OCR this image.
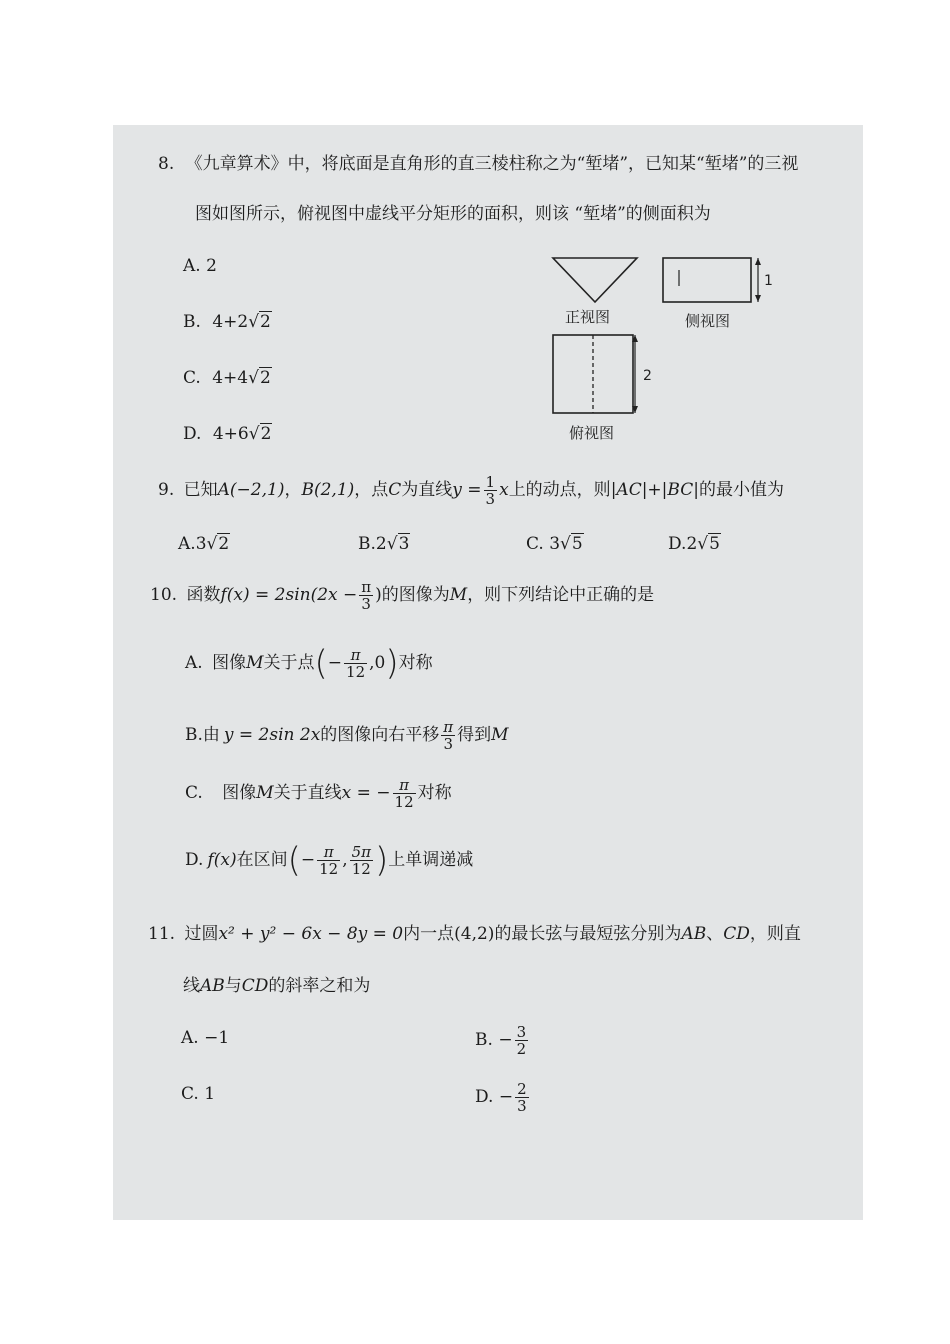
8. 《九章算术》中，将底面是直角形的直三棱柱称之为“堑堵”，已知某“堑堵”的三视
图如图所示，俯视图中虚线平分矩形的面积，则该 “堑堵”的侧面积为
A. 2
B. 4+2√2
C. 4+4√2
D. 4+6√2
正视图
1
侧视图
2
俯视图
9. 已知A(−2,1)，B(2,1)，点C为直线$y = \frac{1}{3}$ x上的动点，则|AC|+|BC|的最小值为
A.3√2	B.2√3	C. 3√5	D.2√5
10. 函数$f(x) = 2\sin(2x - \frac{\pi}{3}$ )的图像为M，则下列结论中正确的是
A. 图像M关于点(− $\frac{\pi}{12} ,0$)对称
B.由 y = 2sin 2x的图像向右平移 $\frac{\pi}{3}$ 得到M
C. 图像M关于直线x = − $\frac{\pi}{12}$ 对称
D. f(x)在区间(− $\frac{\pi}{12}$ , $\frac{5\pi}{12}$ )上单调递减
11. 过圆x² + y² − 6x − 8y = 0内一点(4,2)的最长弦与最短弦分别为AB、CD，则直
线AB与CD的斜率之和为
A. −1	B. − $\frac{3}{2}$
C. 1	D. − $\frac{2}{3}$
